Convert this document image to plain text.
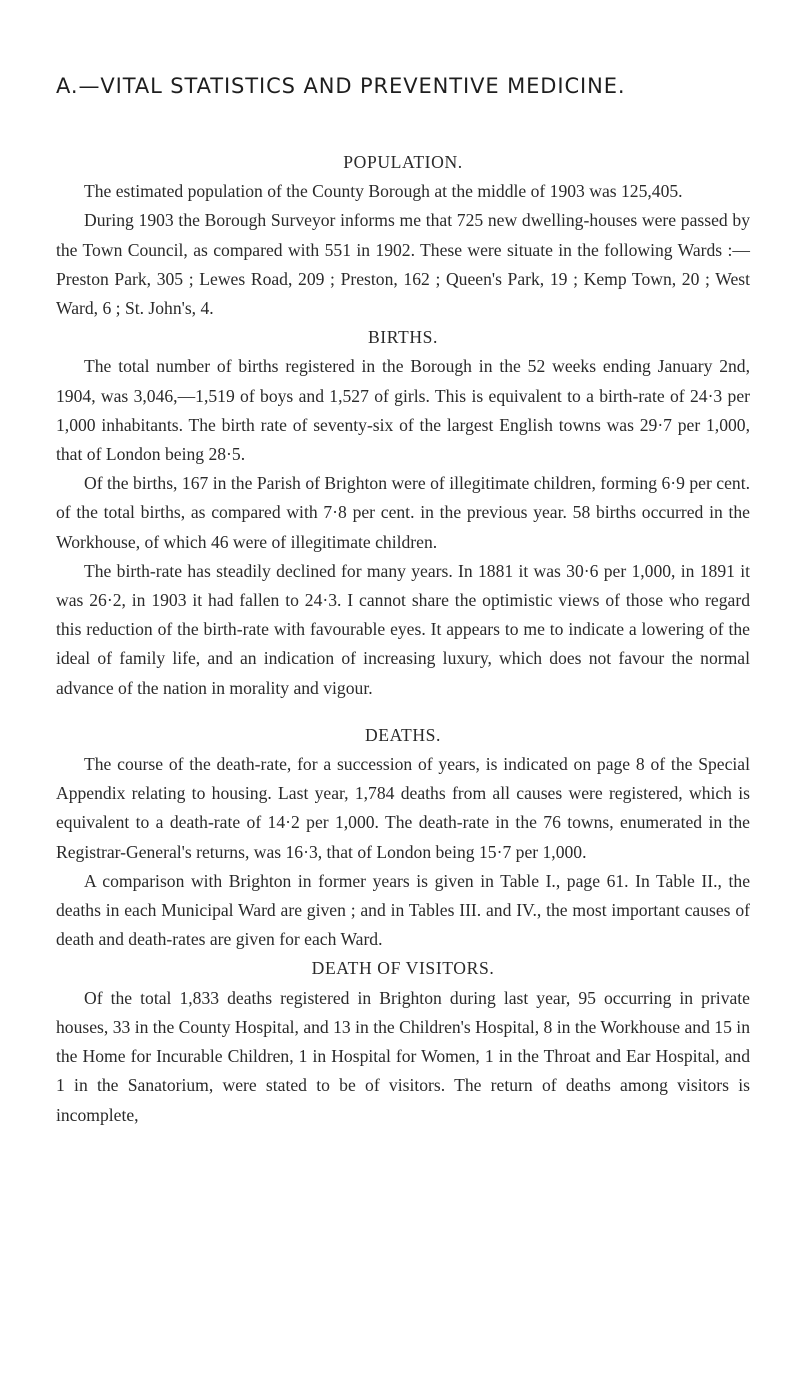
A.—VITAL STATISTICS AND PREVENTIVE MEDICINE.
POPULATION.

The estimated population of the County Borough at the middle of 1903 was 125,405.

During 1903 the Borough Surveyor informs me that 725 new dwelling-houses were passed by the Town Council, as compared with 551 in 1902. These were situate in the following Wards :—Preston Park, 305 ; Lewes Road, 209 ; Preston, 162 ; Queen's Park, 19 ; Kemp Town, 20 ; West Ward, 6 ; St. John's, 4.

BIRTHS.

The total number of births registered in the Borough in the 52 weeks ending January 2nd, 1904, was 3,046,—1,519 of boys and 1,527 of girls. This is equivalent to a birth-rate of 24·3 per 1,000 inhabitants. The birth rate of seventy-six of the largest English towns was 29·7 per 1,000, that of London being 28·5.

Of the births, 167 in the Parish of Brighton were of illegitimate children, forming 6·9 per cent. of the total births, as compared with 7·8 per cent. in the previous year. 58 births occurred in the Workhouse, of which 46 were of illegitimate children.

The birth-rate has steadily declined for many years. In 1881 it was 30·6 per 1,000, in 1891 it was 26·2, in 1903 it had fallen to 24·3. I cannot share the optimistic views of those who regard this reduction of the birth-rate with favourable eyes. It appears to me to indicate a lowering of the ideal of family life, and an indication of increasing luxury, which does not favour the normal advance of the nation in morality and vigour.

DEATHS.

The course of the death-rate, for a succession of years, is indicated on page 8 of the Special Appendix relating to housing. Last year, 1,784 deaths from all causes were registered, which is equivalent to a death-rate of 14·2 per 1,000. The death-rate in the 76 towns, enumerated in the Registrar-General's returns, was 16·3, that of London being 15·7 per 1,000.

A comparison with Brighton in former years is given in Table I., page 61. In Table II., the deaths in each Municipal Ward are given ; and in Tables III. and IV., the most important causes of death and death-rates are given for each Ward.

DEATH OF VISITORS.

Of the total 1,833 deaths registered in Brighton during last year, 95 occurring in private houses, 33 in the County Hospital, and 13 in the Children's Hospital, 8 in the Workhouse and 15 in the Home for Incurable Children, 1 in Hospital for Women, 1 in the Throat and Ear Hospital, and 1 in the Sanatorium, were stated to be of visitors. The return of deaths among visitors is incomplete,
